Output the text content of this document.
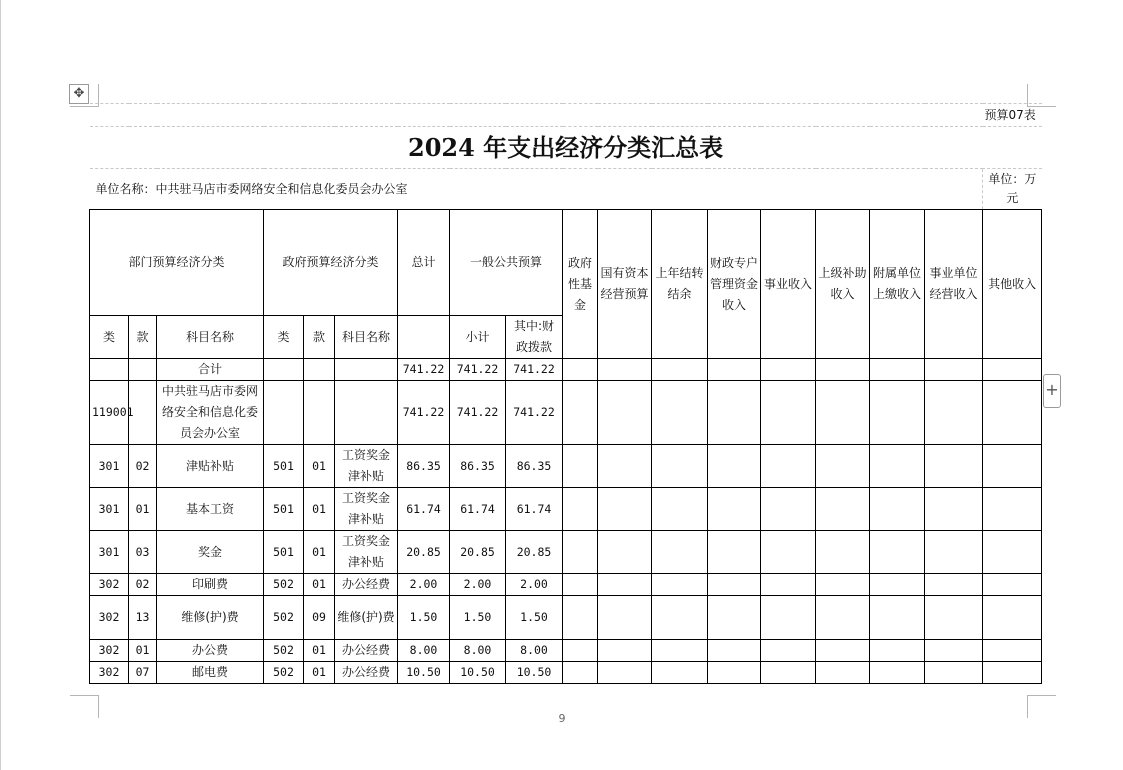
✥
+
预算07表																	
2024 年支出经济分类汇总表																	
单位名称：中共驻马店市委网络安全和信息化委员会办公室																	单位：万元
部门预算经济分类			政府预算经济分类			总计	一般公共预算		政府性基金	国有资本经营预算	上年结转结余	财政专户管理资金收入	事业收入	上级补助收入	附属单位上缴收入	事业单位经营收入	其他收入
类	款	科目名称	类	款	科目名称		小计	其中:财政拨款									
		合计				741.22	741.22	741.22									
119001		中共驻马店市委网络安全和信息化委员会办公室				741.22	741.22	741.22									
301	02	津贴补贴	501	01	工资奖金津补贴	86.35	86.35	86.35									
301	01	基本工资	501	01	工资奖金津补贴	61.74	61.74	61.74									
301	03	奖金	501	01	工资奖金津补贴	20.85	20.85	20.85									
302	02	印刷费	502	01	办公经费	2.00	2.00	2.00									
302	13	维修(护)费	502	09	维修(护)费	1.50	1.50	1.50									
302	01	办公费	502	01	办公经费	8.00	8.00	8.00									
302	07	邮电费	502	01	办公经费	10.50	10.50	10.50									
9
